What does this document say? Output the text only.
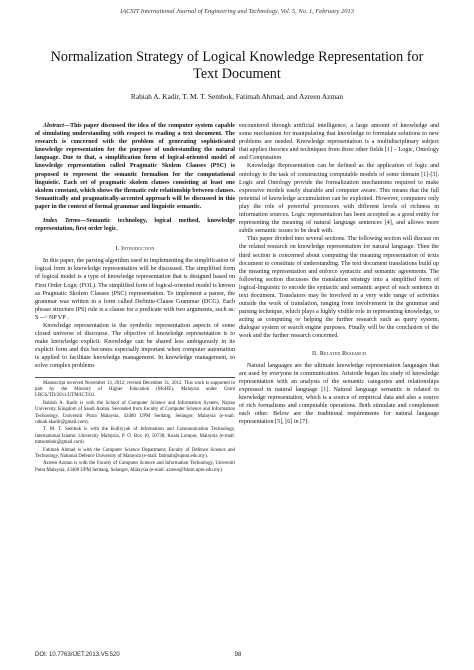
IACSIT International Journal of Engineering and Technology, Vol. 5, No. 1, February 2013
Normalization Strategy of Logical Knowledge Representation for Text Document
Rabiah A. Kadir, T. M. T. Sembok, Fatimah Ahmad, and Azreen Azman

Abstract—This paper discussed the idea of the computer system capable of simulating understanding with respect to reading a text document. The research is concerned with the problem of generating sophisticated knowledge representation for the purpose of understanding the natural language. Due to that, a simplification form of logical-oriented model of knowledge representation called Pragmatic Skolem Clauses (PSC) is proposed to represent the semantic formalism for the computational linguistic. Each set of pragmatic skolem clauses consisting at least one skolem constant, which shows the thematic role relationship between clauses. Semantically and pragmatically-accented approach will be discussed in this paper in the context of formal grammar and linguistic semantic.

Index Terms—Semantic technology, logical method, knowledge representation, first order logic.

I. Introduction

In this paper, the parsing algorithm used in implementing the simplification of logical form in knowledge representation will be discussed. The simplified form of logical model is a type of knowledge representation that is designed based on First Order Logic (FOL). The simplified form of logical-oriented model is known as Pragmatic Skolem Clauses (PSC) representation. To implement a parser, the grammar was written in a form called Definite-Clause Grammar (DCG). Each phrase structure (PS) rule is a clause for a predicate with two arguments, such as: S --> NP VP .

Knowledge representation is the symbolic representation aspects of some closed universe of discourse. The objective of knowledge representation is to make knowledge explicit. Knowledge can be shared less ambiguously in its explicit form and this becomes especially important when computer automation is applied to facilitate knowledge management. In knowledge management, to solve complex problems

Manuscript received November 13, 2012; revised December 31, 2012. This work is supported in part by the Ministry of Higher Education (MoHE), Malaysia under Grant LRGS/TD/2011/UTM/ICT/03.

Rabiah A. Kadir is with the School of Computer Science and Information System, Najran University, Kingdom of Saudi Arabia. Seconded from Faculty of Computer Science and Information Technology, Universiti Putra Malaysia, 43400 UPM Serdang, Selangor, Malaysia (e-mail: rabiah.akadir@gmail.com).

T. M. T. Sembok is with the Kulliyyah of Information and Communication Technology, International Islamic University Malaysia, P. O. Box 10, 50728, Kuala Lumpur, Malaysia (e-mail: tmtsembok@gmail.com).

Fatimah Ahmad is with the Computer Science Department, Faculty of Defence Science and Technology, National Defence University of Malaysia (e-mail: fatimah@upnm.edu.my).

Azreen Azman is with the Faculty of Computer Science and Information Technology, Universiti Putra Malaysia, 43400 UPM Serdang, Selangor, Malaysia (e-mail: azreen@fsktm.upm.edu.my).

encountered through artificial intelligence, a large amount of knowledge and some mechanism for manipulating that knowledge to formulate solutions to new problems are needed. Knowledge representation is a multidisciplinary subject that applies theories and techniques from three other fields [1] – Logic, Ontology and Computation

Knowledge Representation can be defined as the application of logic and ontology to the task of constructing computable models of some domain [1]-[3]. Logic and Ontology provide the formalization mechanisms required to make expressive models easily sharable and computer aware. This means that the full potential of knowledge accumulation can be exploited. However, computers only play the role of powerful processors with different levels of richness in information sources. Logic representation has been accepted as a good entity for representing the meaning of natural language sentences [4], and allows more subtle semantic issues to be dealt with.

This paper divided into several sections. The following section will discuss on the related research on knowledge representation for natural language. Then the third section is concerned about computing the meaning representation of texts document to constitute of understanding. The text document translations build up the meaning representation and enforce syntactic and semantic agreements. The following section discusses the translation strategy into a simplified form of logical-linguistic to encode the syntactic and semantic aspect of each sentence in text document. Translators may be involved in a very wide range of activities outside the work of translation, ranging from involvement in the grammar and parsing technique, which plays a highly visible role in representing knowledge, to acting as computing or helping the further research such as query system, dialogue system or search engine purposes. Finally will be the conclusion of the work and the further research concerned.

II. Related Research

Natural languages are the ultimate knowledge representation languages that are used by everyone in communication. Aristotle began his study of knowledge representation with an analysis of the semantic categories and relationships expressed in natural language [1]. Natural language semantic is related to knowledge representation, which is a source of empirical data and also a source of rich formalisms and computable operations. Both stimulate and complement each other. Below are the traditional requirements for natural language representation [5], [6] in [7]:

DOI: 10.7763/IJET.2013.V5.520	98
